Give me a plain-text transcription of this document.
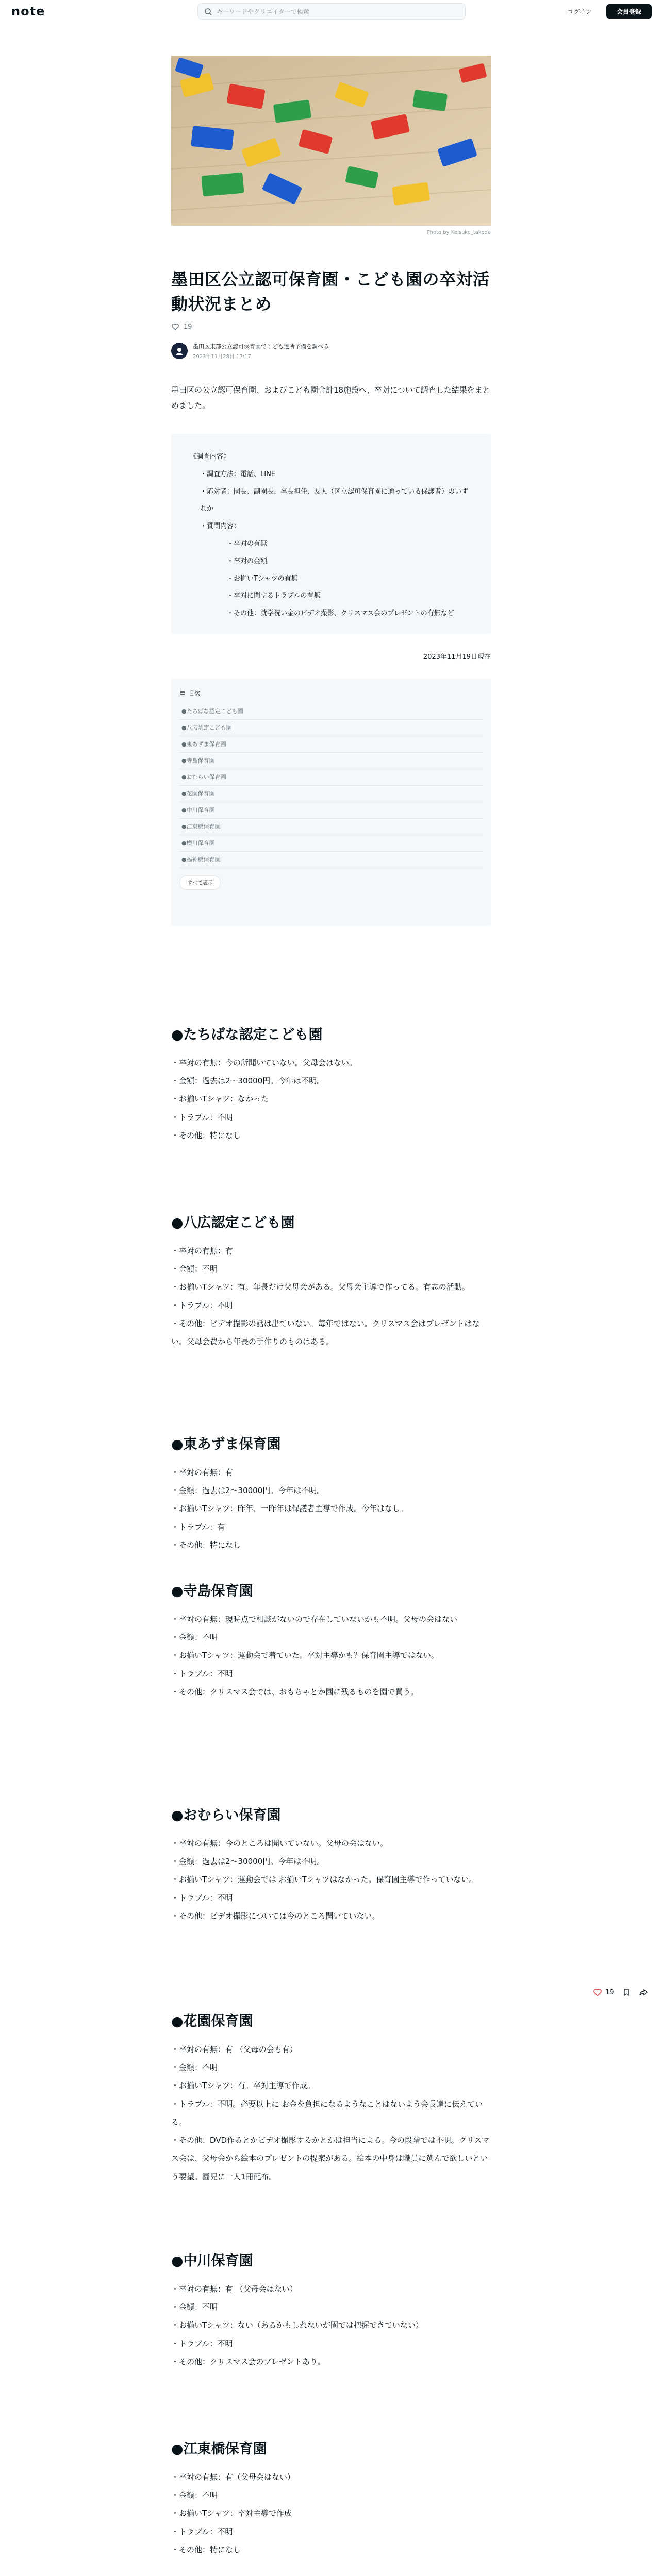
note	キーワードやクリエイターで検索	ログイン	会員登録
Photo by Keisuke_takeda
墨田区公立認可保育園・こども園の卒対活動状況まとめ
19
墨田区東部公立認可保育園でこども達所予備を調べる
2023年11月28日 17:17

墨田区の公立認可保育園、およびこども園合計18施設へ、卒対について調査した結果をまとめました。

《調査内容》
・調査方法：電話、LINE
・応対者：園長、副園長、卒長担任、友人（区立認可保育園に通っている保護者）のいずれか
・質問内容：
・卒対の有無
・卒対の金額
・お揃いTシャツの有無
・卒対に関するトラブルの有無
・その他：就学祝い金のビデオ撮影、クリスマス会のプレゼントの有無など
2023年11月19日現在
目次
●たちばな認定こども園
●八広認定こども園
●東あずま保育園
●寺島保育園
●おむらい保育園
●花園保育園
●中川保育園
●江東橋保育園
●横川保育園
●福神橋保育園
すべて表示
●たちばな認定こども園
・卒対の有無：今の所聞いていない。父母会はない。
・金額：過去は2～30000円。今年は不明。
・お揃いTシャツ：なかった
・トラブル：不明
・その他：特になし
●八広認定こども園
・卒対の有無：有
・金額：不明
・お揃いTシャツ：有。年長だけ父母会がある。父母会主導で作ってる。有志の活動。
・トラブル：不明
・その他：ビデオ撮影の話は出ていない。毎年ではない。クリスマス会はプレゼントはない。父母会費から年長の手作りのものはある。
●東あずま保育園
・卒対の有無：有
・金額：過去は2～30000円。今年は不明。
・お揃いTシャツ：昨年、一昨年は保護者主導で作成。今年はなし。
・トラブル：有
・その他：特になし
●寺島保育園
・卒対の有無：現時点で相談がないので存在していないかも不明。父母の会はない
・金額：不明
・お揃いTシャツ：運動会で着ていた。卒対主導かも？保育園主導ではない。
・トラブル：不明
・その他：クリスマス会では、おもちゃとか園に残るものを園で買う。
●おむらい保育園
・卒対の有無：今のところは聞いていない。父母の会はない。
・金額：過去は2～30000円。今年は不明。
・お揃いTシャツ：運動会では お揃いTシャツはなかった。保育園主導で作っていない。
・トラブル：不明
・その他：ビデオ撮影については今のところ聞いていない。
●花園保育園
・卒対の有無：有 （父母の会も有）
・金額：不明
・お揃いTシャツ：有。卒対主導で作成。
・トラブル：不明。必要以上に お金を負担になるようなことはないよう会長達に伝えている。
・その他：DVD作るとかビデオ撮影するかとかは担当による。今の段階では不明。クリスマス会は、父母会から絵本のプレゼントの提案がある。絵本の中身は職員に選んで欲しいという要望。園児に一人1冊配布。
●中川保育園
・卒対の有無：有 （父母会はない）
・金額：不明
・お揃いTシャツ：ない（あるかもしれないが園では把握できていない）
・トラブル：不明
・その他：クリスマス会のプレゼントあり。
●江東橋保育園
・卒対の有無：有（父母会はない）
・金額：不明
・お揃いTシャツ：卒対主導で作成
・トラブル：不明
・その他：特になし
19
